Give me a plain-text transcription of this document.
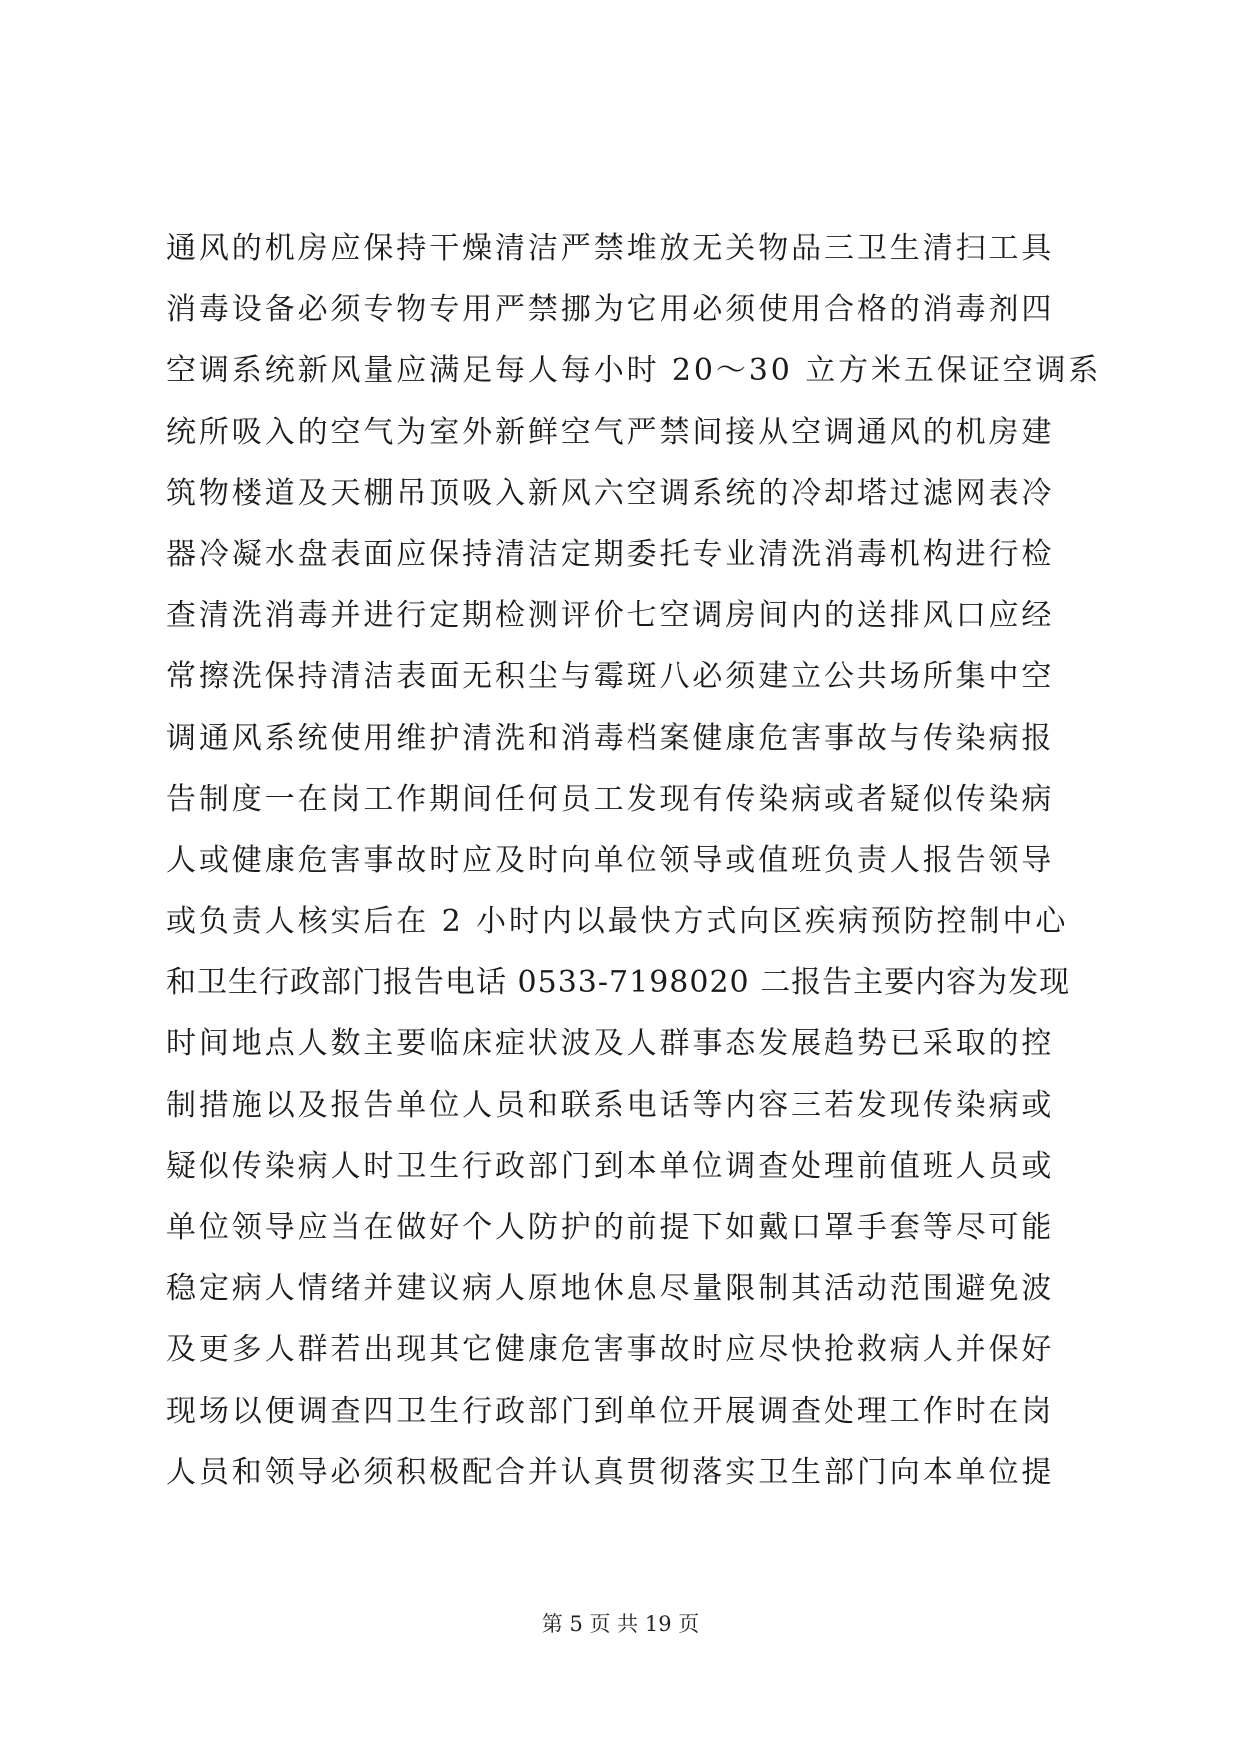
通风的机房应保持干燥清洁严禁堆放无关物品三卫生清扫工具
消毒设备必须专物专用严禁挪为它用必须使用合格的消毒剂四
空调系统新风量应满足每人每小时 20～30 立方米五保证空调系
统所吸入的空气为室外新鲜空气严禁间接从空调通风的机房建
筑物楼道及天棚吊顶吸入新风六空调系统的冷却塔过滤网表冷
器冷凝水盘表面应保持清洁定期委托专业清洗消毒机构进行检
查清洗消毒并进行定期检测评价七空调房间内的送排风口应经
常擦洗保持清洁表面无积尘与霉斑八必须建立公共场所集中空
调通风系统使用维护清洗和消毒档案健康危害事故与传染病报
告制度一在岗工作期间任何员工发现有传染病或者疑似传染病
人或健康危害事故时应及时向单位领导或值班负责人报告领导
或负责人核实后在 2 小时内以最快方式向区疾病预防控制中心
和卫生行政部门报告电话 0533-7198020 二报告主要内容为发现
时间地点人数主要临床症状波及人群事态发展趋势已采取的控
制措施以及报告单位人员和联系电话等内容三若发现传染病或
疑似传染病人时卫生行政部门到本单位调查处理前值班人员或
单位领导应当在做好个人防护的前提下如戴口罩手套等尽可能
稳定病人情绪并建议病人原地休息尽量限制其活动范围避免波
及更多人群若出现其它健康危害事故时应尽快抢救病人并保好
现场以便调查四卫生行政部门到单位开展调查处理工作时在岗
人员和领导必须积极配合并认真贯彻落实卫生部门向本单位提
第 5 页 共 19 页
